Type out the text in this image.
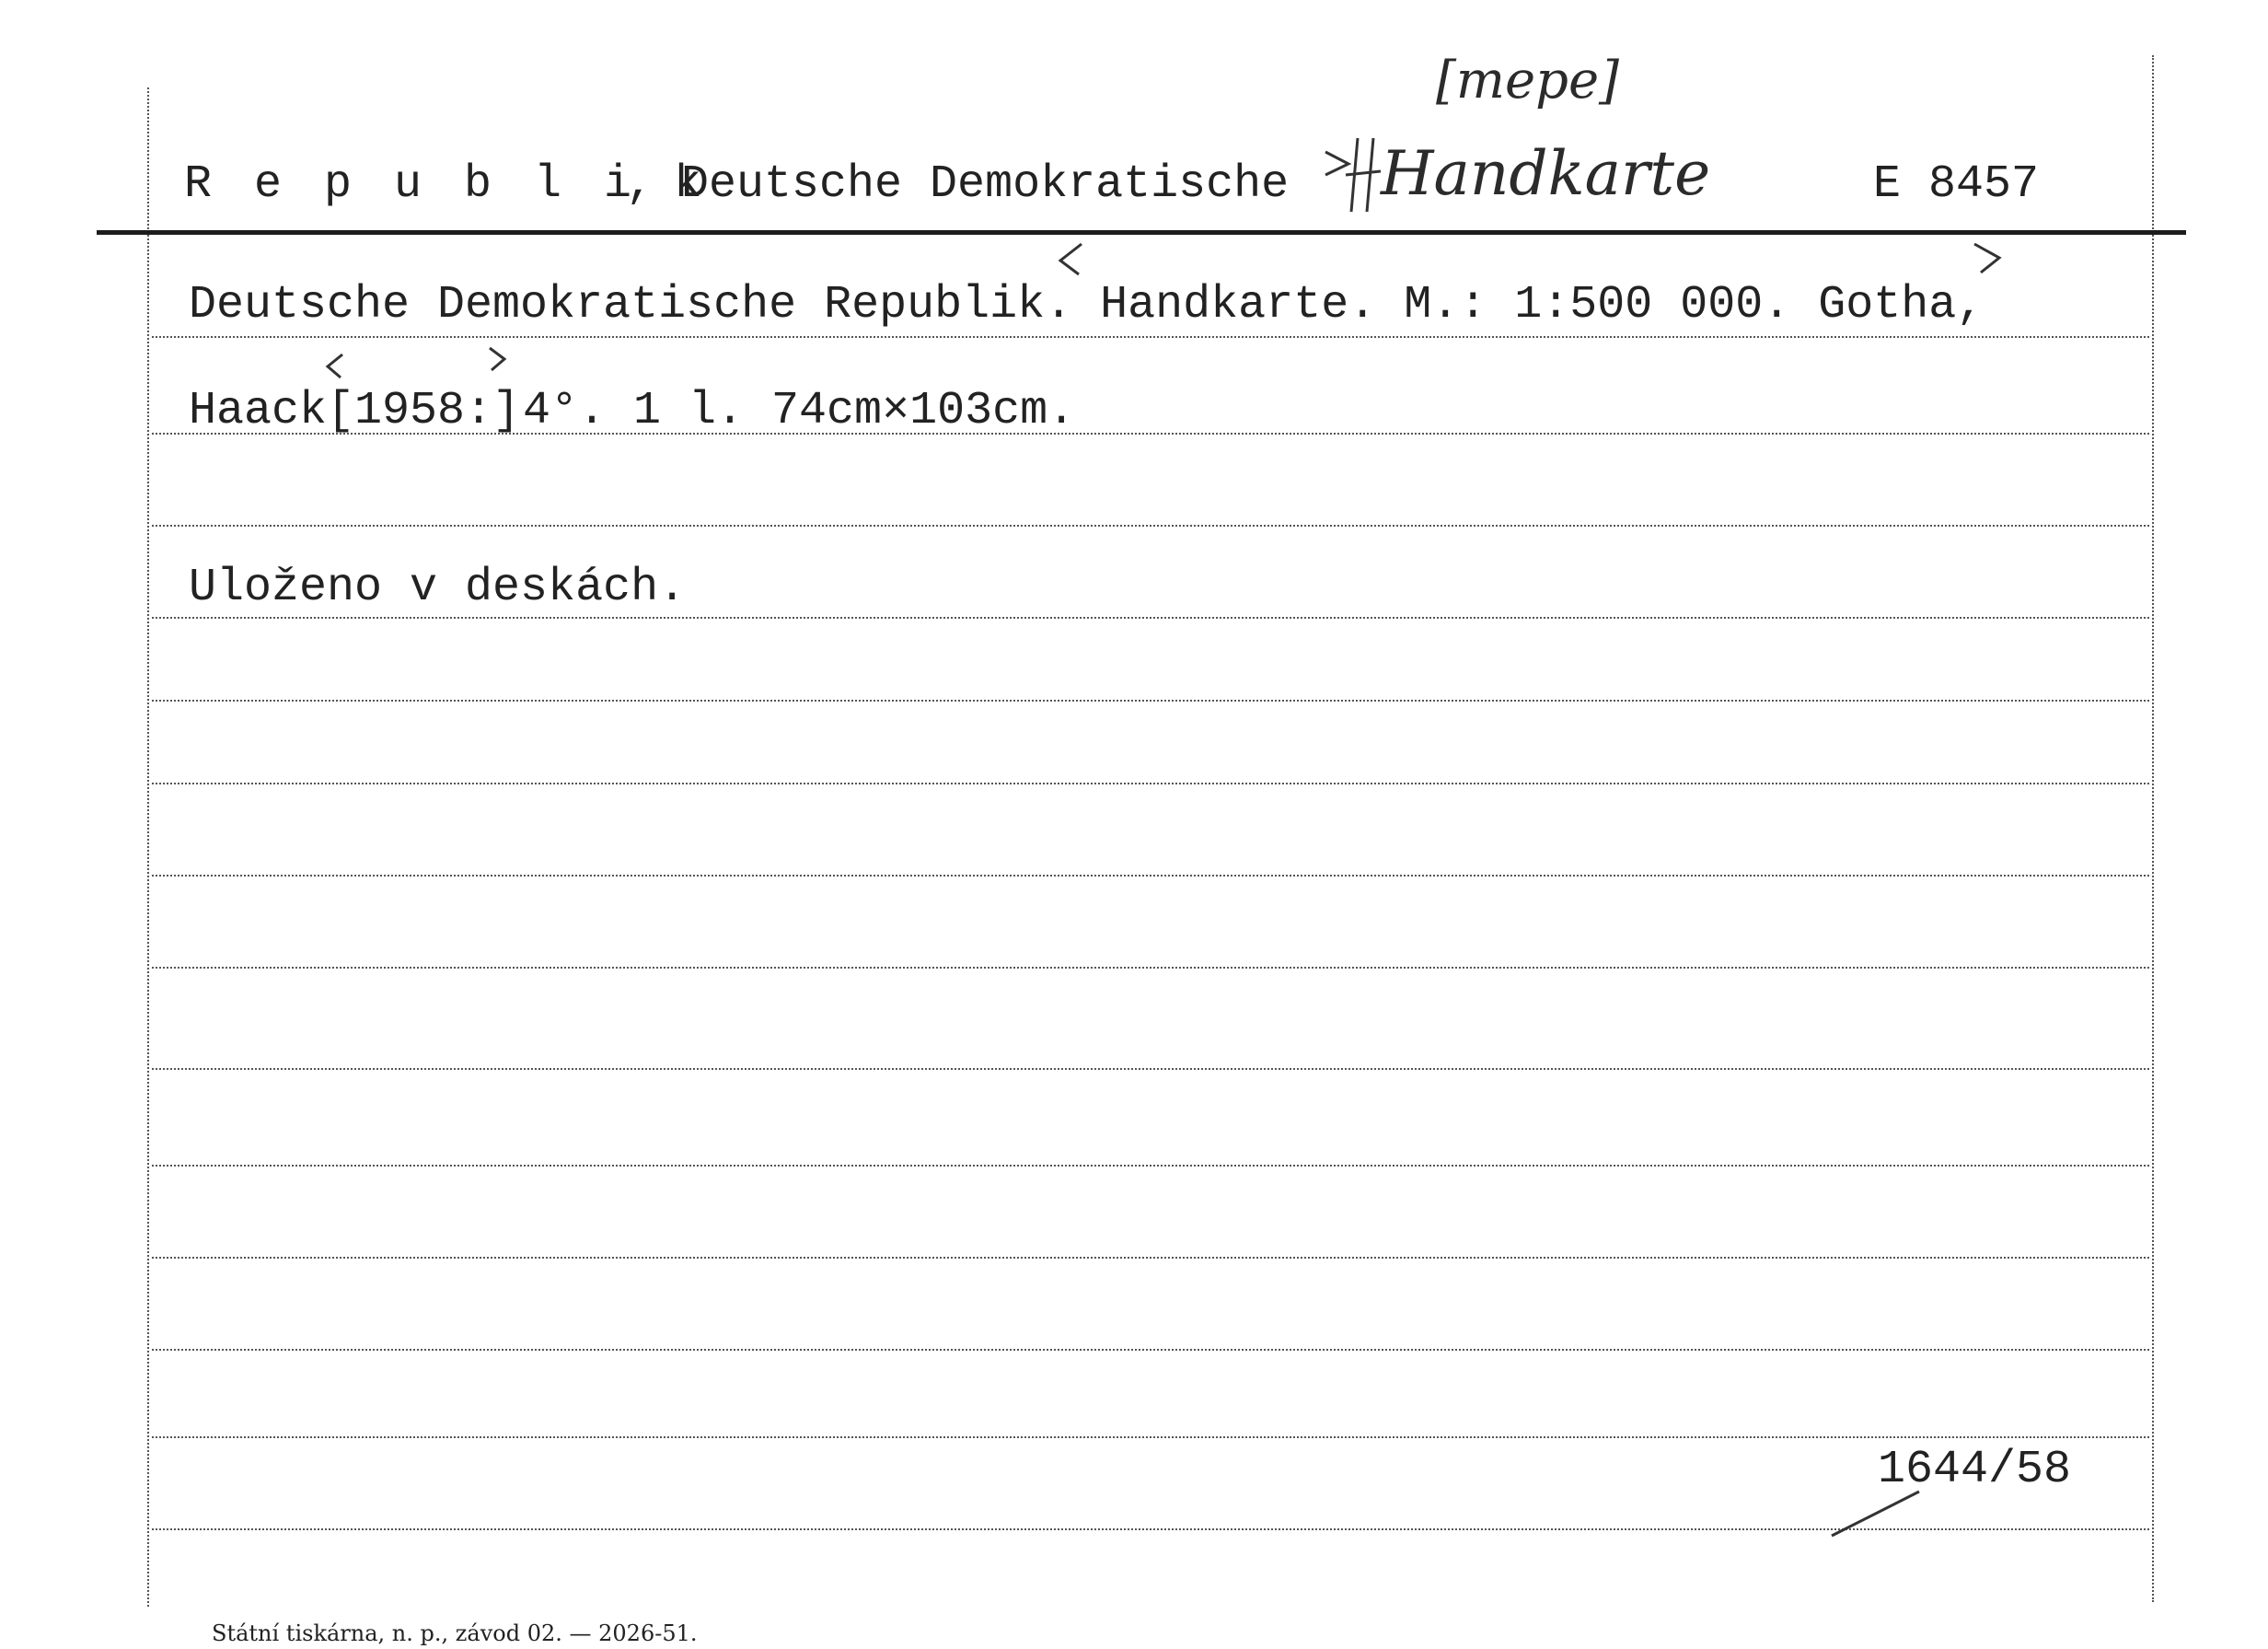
R e p u b l i k
, Deutsche Demokratische
[mepe]
Handkarte	E 8457
Deutsche Demokratische Republik. Handkarte. M.: 1:500 000. Gotha,
Haack [1958:] 4°. 1 l. 74cm×103cm.
Uloženo v deskách.
1644/58
Státní tiskárna, n. p., závod 02. — 2026-51.
